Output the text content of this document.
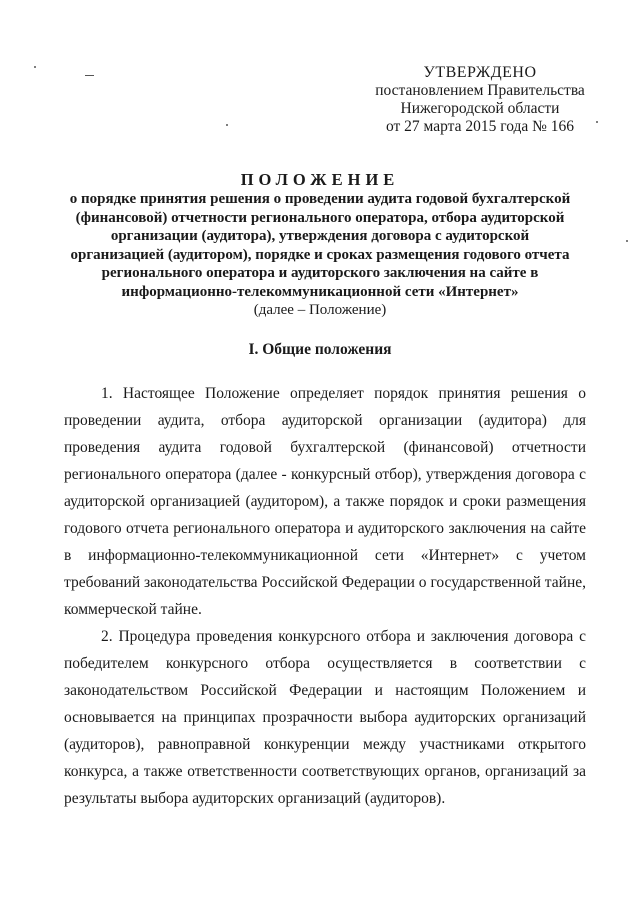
УТВЕРЖДЕНО
постановлением Правительства
Нижегородской области
от 27 марта 2015 года № 166
ПОЛОЖЕНИЕ
о порядке принятия решения о проведении аудита годовой бухгалтерской
(финансовой) отчетности регионального оператора, отбора аудиторской
организации (аудитора), утверждения договора с аудиторской
организацией (аудитором), порядке и сроках размещения годового отчета
регионального оператора и аудиторского заключения на сайте в
информационно-телекоммуникационной сети «Интернет»
(далее – Положение)
I. Общие положения

1. Настоящее Положение определяет порядок принятия решения о
проведении аудита, отбора аудиторской организации (аудитора) для
проведения аудита годовой бухгалтерской (финансовой) отчетности
регионального оператора (далее - конкурсный отбор), утверждения договора с
аудиторской организацией (аудитором), а также порядок и сроки размещения
годового отчета регионального оператора и аудиторского заключения на сайте
в информационно-телекоммуникационной сети «Интернет» с учетом
требований законодательства Российской Федерации о государственной тайне,
коммерческой тайне.

2. Процедура проведения конкурсного отбора и заключения договора с
победителем конкурсного отбора осуществляется в соответствии с
законодательством Российской Федерации и настоящим Положением и
основывается на принципах прозрачности выбора аудиторских организаций
(аудиторов), равноправной конкуренции между участниками открытого
конкурса, а также ответственности соответствующих органов, организаций за
результаты выбора аудиторских организаций (аудиторов).
